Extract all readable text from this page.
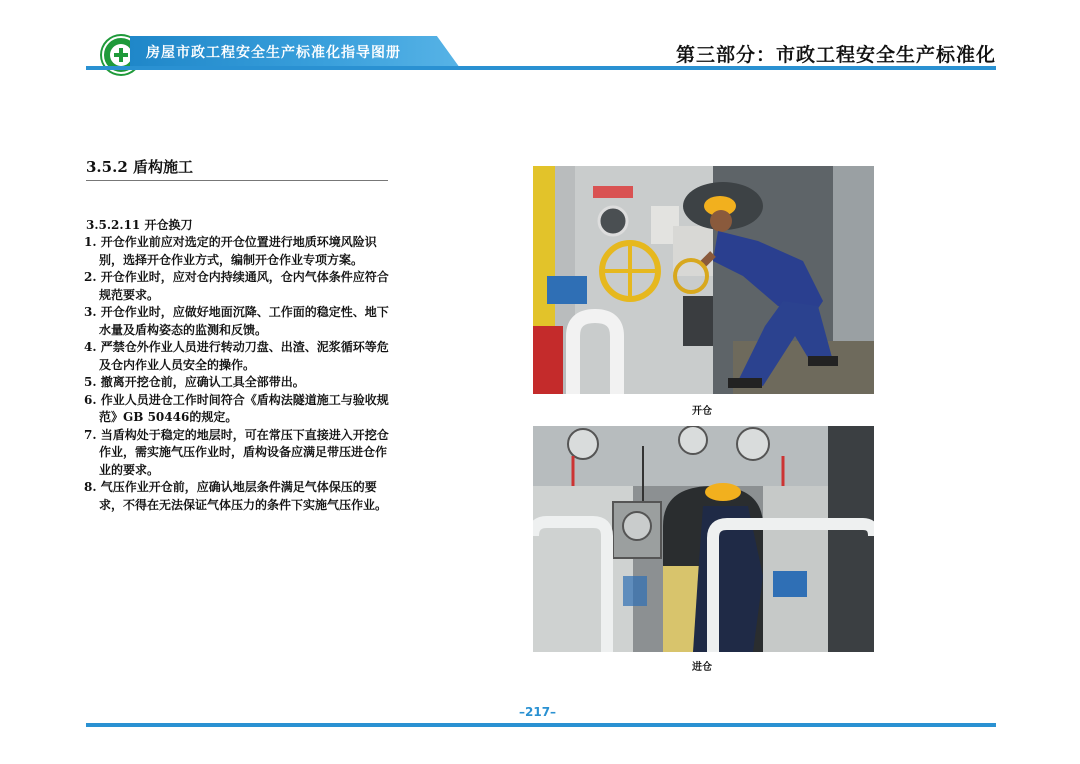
房屋市政工程安全生产标准化指导图册	第三部分：市政工程安全生产标准化
3.5.2 盾构施工
3.5.2.11 开仓换刀
1. 开仓作业前应对选定的开仓位置进行地质环境风险识别，选择开仓作业方式，编制开仓作业专项方案。
2. 开仓作业时，应对仓内持续通风，仓内气体条件应符合规范要求。
3. 开仓作业时，应做好地面沉降、工作面的稳定性、地下水量及盾构姿态的监测和反馈。
4. 严禁仓外作业人员进行转动刀盘、出渣、泥浆循环等危及仓内作业人员安全的操作。
5. 撤离开挖仓前，应确认工具全部带出。
6. 作业人员进仓工作时间符合《盾构法隧道施工与验收规范》GB 50446的规定。
7. 当盾构处于稳定的地层时，可在常压下直接进入开挖仓作业，需实施气压作业时，盾构设备应满足带压进仓作业的要求。
8. 气压作业开仓前，应确认地层条件满足气体保压的要求，不得在无法保证气体压力的条件下实施气压作业。
开仓
进仓
–217–
